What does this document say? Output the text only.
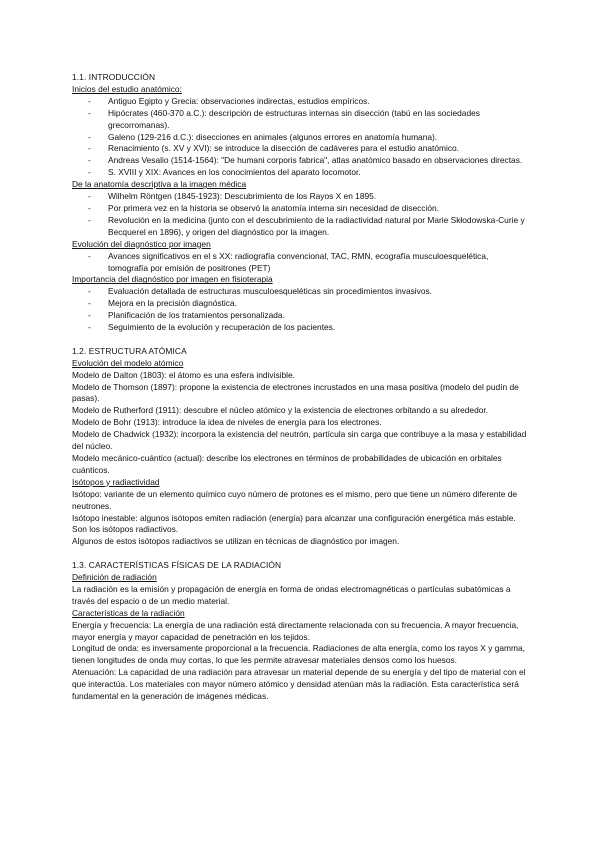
1.1. INTRODUCCIÓN
Inicios del estudio anatómico:
- Antiguo Egipto y Grecia: observaciones indirectas, estudios empíricos.
- Hipócrates (460-370 a.C.): descripción de estructuras internas sin disección (tabú en las sociedades grecorromanas).
- Galeno (129-216 d.C.): disecciones en animales (algunos errores en anatomía humana).
- Renacimiento (s. XV y XVI): se introduce la disección de cadáveres para el estudio anatómico.
- Andreas Vesalio (1514-1564): "De humani corporis fabrica", atlas anatómico basado en observaciones directas.
- S. XVIII y XIX: Avances en los conocimientos del aparato locomotor.
De la anatomía descriptiva a la imagen médica
- Wilhelm Röntgen (1845-1923): Descubrimiento de los Rayos X en 1895.
- Por primera vez en la historia se observó la anatomía interna sin necesidad de disección.
- Revolución en la medicina (junto con el descubrimiento de la radiactividad natural por Marie Skłodowska-Curie y Becquerel en 1896), y origen del diagnóstico por la imagen.
Evolución del diagnóstico por imagen
- Avances significativos en el s XX: radiografía convencional, TAC, RMN, ecografía musculoesquelética, tomografía por emisión de positrones (PET)
Importancia del diagnóstico por imagen en fisioterapia
- Evaluación detallada de estructuras musculoesqueléticas sin procedimientos invasivos.
- Mejora en la precisión diagnóstica.
- Planificación de los tratamientos personalizada.
- Seguimiento de la evolución y recuperación de los pacientes.
1.2. ESTRUCTURA ATÓMICA
Evolución del modelo atómico

Modelo de Dalton (1803): el átomo es una esfera indivisible.

Modelo de Thomson (1897): propone la existencia de electrones incrustados en una masa positiva (modelo del pudín de pasas).

Modelo de Rutherford (1911): descubre el núcleo atómico y la existencia de electrones orbitando a su alrededor.

Modelo de Bohr (1913): introduce la idea de niveles de energía para los electrones.

Modelo de Chadwick (1932): incorpora la existencia del neutrón, partícula sin carga que contribuye a la masa y estabilidad del núcleo.

Modelo mecánico-cuántico (actual): describe los electrones en términos de probabilidades de ubicación en orbitales cuánticos.

Isótopos y radiactividad

Isótopo: variante de un elemento químico cuyo número de protones es el mismo, pero que tiene un número diferente de neutrones.

Isótopo inestable: algunos isótopos emiten radiación (energía) para alcanzar una configuración energética más estable. Son los isótopos radiactivos.

Algunos de estos isótopos radiactivos se utilizan en técnicas de diagnóstico por imagen.

1.3. CARACTERÍSTICAS FÍSICAS DE LA RADIACIÓN
Definición de radiación

La radiación es la emisión y propagación de energía en forma de ondas electromagnéticas o partículas subatómicas a través del espacio o de un medio material.

Características de la radiación

Energía y frecuencia: La energía de una radiación está directamente relacionada con su frecuencia. A mayor frecuencia, mayor energía y mayor capacidad de penetración en los tejidos.

Longitud de onda: es inversamente proporcional a la frecuencia. Radiaciones de alta energía, como los rayos X y gamma, tienen longitudes de onda muy cortas, lo que les permite atravesar materiales densos como los huesos.

Atenuación: La capacidad de una radiación para atravesar un material depende de su energía y del tipo de material con el que interactúa. Los materiales con mayor número atómico y densidad atenúan más la radiación. Esta característica será fundamental en la generación de imágenes médicas.
